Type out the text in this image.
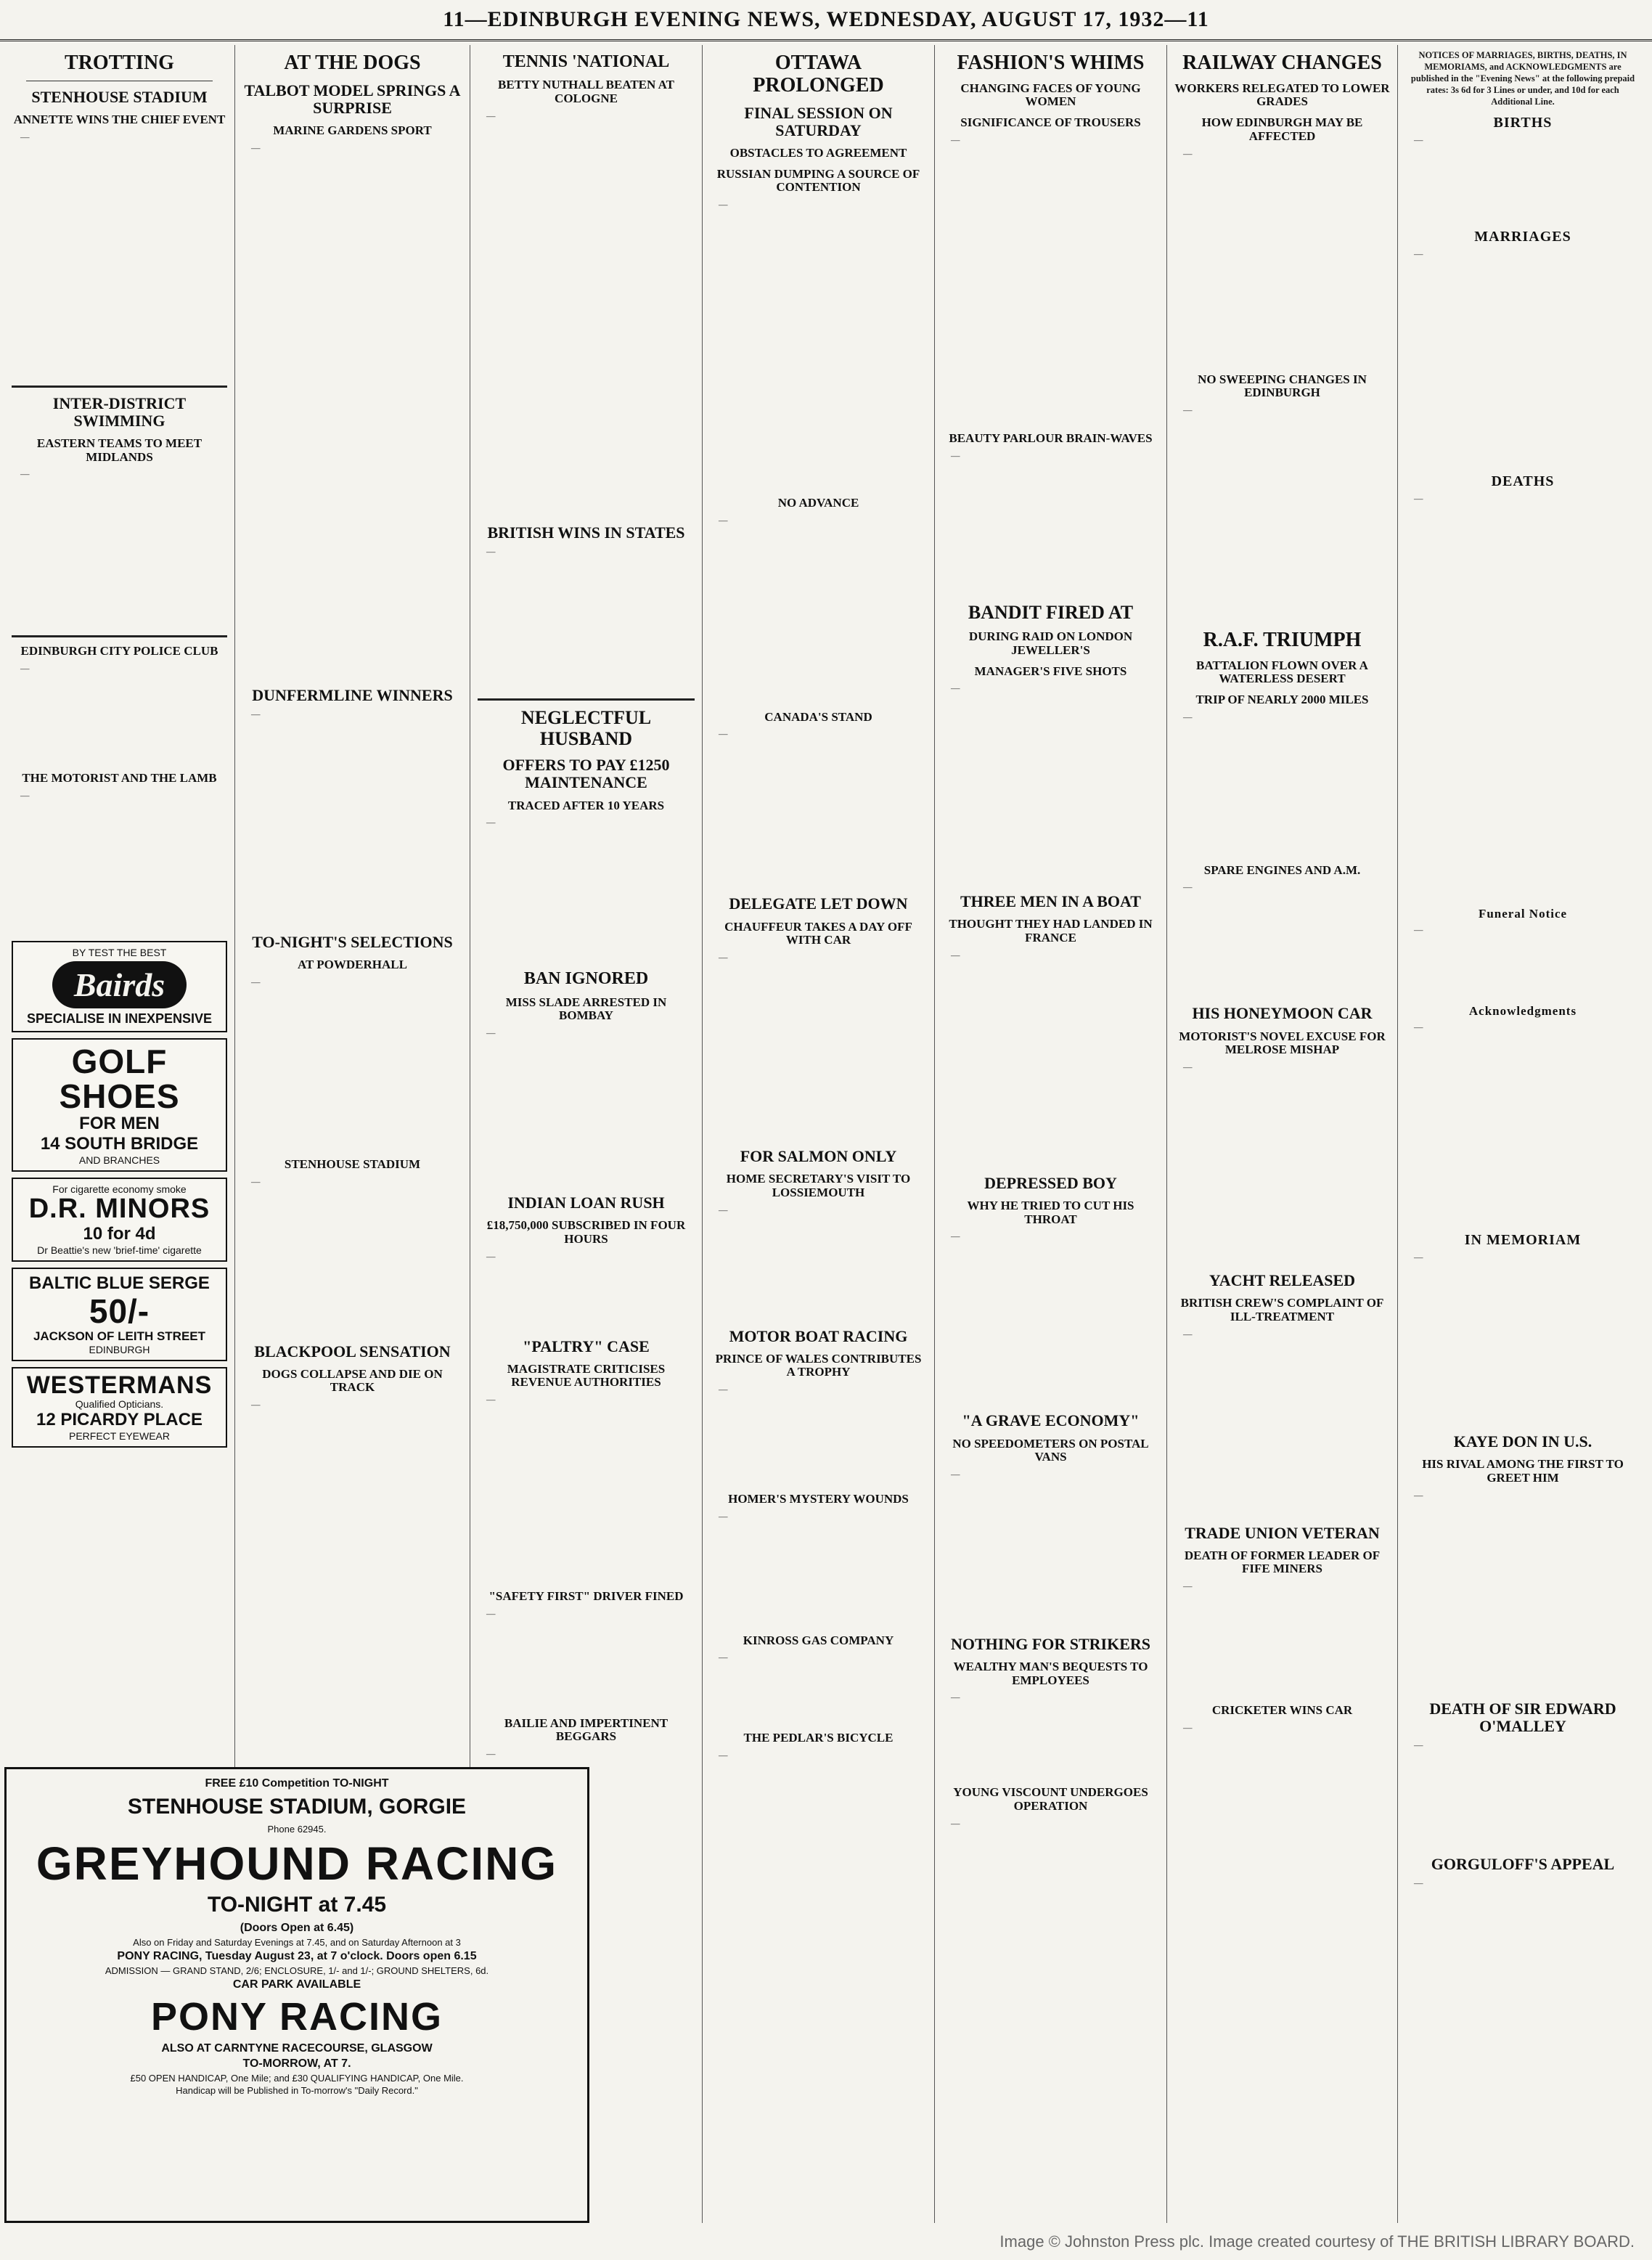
11—EDINBURGH EVENING NEWS, WEDNESDAY, AUGUST 17, 1932—11
TROTTING
STENHOUSE STADIUM
ANNETTE WINS THE CHIEF EVENT

―

INTER-DISTRICT SWIMMING
EASTERN TEAMS TO MEET MIDLANDS

―

EDINBURGH CITY POLICE CLUB

―

THE MOTORIST AND THE LAMB

―

BY TEST THE BEST
Bairds
SPECIALISE IN INEXPENSIVE
GOLF SHOES
FOR MEN
14 SOUTH BRIDGE
AND BRANCHES
For cigarette economy smoke
D.R. MINORS
10 for 4d
Dr Beattie's new 'brief-time' cigarette
BALTIC BLUE SERGE
50/-
JACKSON OF LEITH STREET
EDINBURGH
WESTERMANS
Qualified Opticians.
12 PICARDY PLACE
PERFECT EYEWEAR
AT THE DOGS
TALBOT MODEL SPRINGS A SURPRISE
MARINE GARDENS SPORT

―

DUNFERMLINE WINNERS

―

TO-NIGHT'S SELECTIONS
AT POWDERHALL

―

STENHOUSE STADIUM

―

BLACKPOOL SENSATION
DOGS COLLAPSE AND DIE ON TRACK

―

TENNIS 'NATIONAL
BETTY NUTHALL BEATEN AT COLOGNE

―

BRITISH WINS IN STATES

―

NEGLECTFUL HUSBAND
OFFERS TO PAY £1250 MAINTENANCE
TRACED AFTER 10 YEARS

―

BAN IGNORED
MISS SLADE ARRESTED IN BOMBAY

―

INDIAN LOAN RUSH
£18,750,000 SUBSCRIBED IN FOUR HOURS

―

"PALTRY" CASE
MAGISTRATE CRITICISES REVENUE AUTHORITIES

―

"SAFETY FIRST" DRIVER FINED

―

BAILIE AND IMPERTINENT BEGGARS

―

OTTAWA PROLONGED
FINAL SESSION ON SATURDAY
OBSTACLES TO AGREEMENT
RUSSIAN DUMPING A SOURCE OF CONTENTION

―

NO ADVANCE

―

CANADA'S STAND

―

DELEGATE LET DOWN
CHAUFFEUR TAKES A DAY OFF WITH CAR

―

FOR SALMON ONLY
HOME SECRETARY'S VISIT TO LOSSIEMOUTH

―

MOTOR BOAT RACING
PRINCE OF WALES CONTRIBUTES A TROPHY

―

HOMER'S MYSTERY WOUNDS

―

KINROSS GAS COMPANY

―

THE PEDLAR'S BICYCLE

―

FASHION'S WHIMS
CHANGING FACES OF YOUNG WOMEN
SIGNIFICANCE OF TROUSERS

―

BEAUTY PARLOUR BRAIN-WAVES

―

BANDIT FIRED AT
DURING RAID ON LONDON JEWELLER'S
MANAGER'S FIVE SHOTS

―

THREE MEN IN A BOAT
THOUGHT THEY HAD LANDED IN FRANCE

―

DEPRESSED BOY
WHY HE TRIED TO CUT HIS THROAT

―

"A GRAVE ECONOMY"
NO SPEEDOMETERS ON POSTAL VANS

―

NOTHING FOR STRIKERS
WEALTHY MAN'S BEQUESTS TO EMPLOYEES

―

YOUNG VISCOUNT UNDERGOES OPERATION

―

RAILWAY CHANGES
WORKERS RELEGATED TO LOWER GRADES
HOW EDINBURGH MAY BE AFFECTED

―

NO SWEEPING CHANGES IN EDINBURGH

―

R.A.F. TRIUMPH
BATTALION FLOWN OVER A WATERLESS DESERT
TRIP OF NEARLY 2000 MILES

―

SPARE ENGINES AND A.M.

―

HIS HONEYMOON CAR
MOTORIST'S NOVEL EXCUSE FOR MELROSE MISHAP

―

YACHT RELEASED
BRITISH CREW'S COMPLAINT OF ILL-TREATMENT

―

TRADE UNION VETERAN
DEATH OF FORMER LEADER OF FIFE MINERS

―

CRICKETER WINS CAR

―

NOTICES OF MARRIAGES, BIRTHS, DEATHS, IN MEMORIAMS, and ACKNOWLEDGMENTS are published in the "Evening News" at the following prepaid rates: 3s 6d for 3 Lines or under, and 10d for each Additional Line.
BIRTHS

―

MARRIAGES

―

DEATHS

―

Funeral Notice

―

Acknowledgments

―

IN MEMORIAM

―

KAYE DON IN U.S.
HIS RIVAL AMONG THE FIRST TO GREET HIM

―

DEATH OF SIR EDWARD O'MALLEY

―

GORGULOFF'S APPEAL

―

FREE £10 Competition TO-NIGHT
STENHOUSE STADIUM, GORGIE
Phone 62945.
GREYHOUND RACING
TO-NIGHT at 7.45
(Doors Open at 6.45)
Also on Friday and Saturday Evenings at 7.45, and on Saturday Afternoon at 3
PONY RACING, Tuesday August 23, at 7 o'clock. Doors open 6.15
ADMISSION — GRAND STAND, 2/6; ENCLOSURE, 1/- and 1/-; GROUND SHELTERS, 6d.
CAR PARK AVAILABLE
PONY RACING
ALSO AT CARNTYNE RACECOURSE, GLASGOW
TO-MORROW, AT 7.
£50 OPEN HANDICAP, One Mile; and £30 QUALIFYING HANDICAP, One Mile.
Handicap will be Published in To-morrow's "Daily Record."
Image © Johnston Press plc. Image created courtesy of THE BRITISH LIBRARY BOARD.
